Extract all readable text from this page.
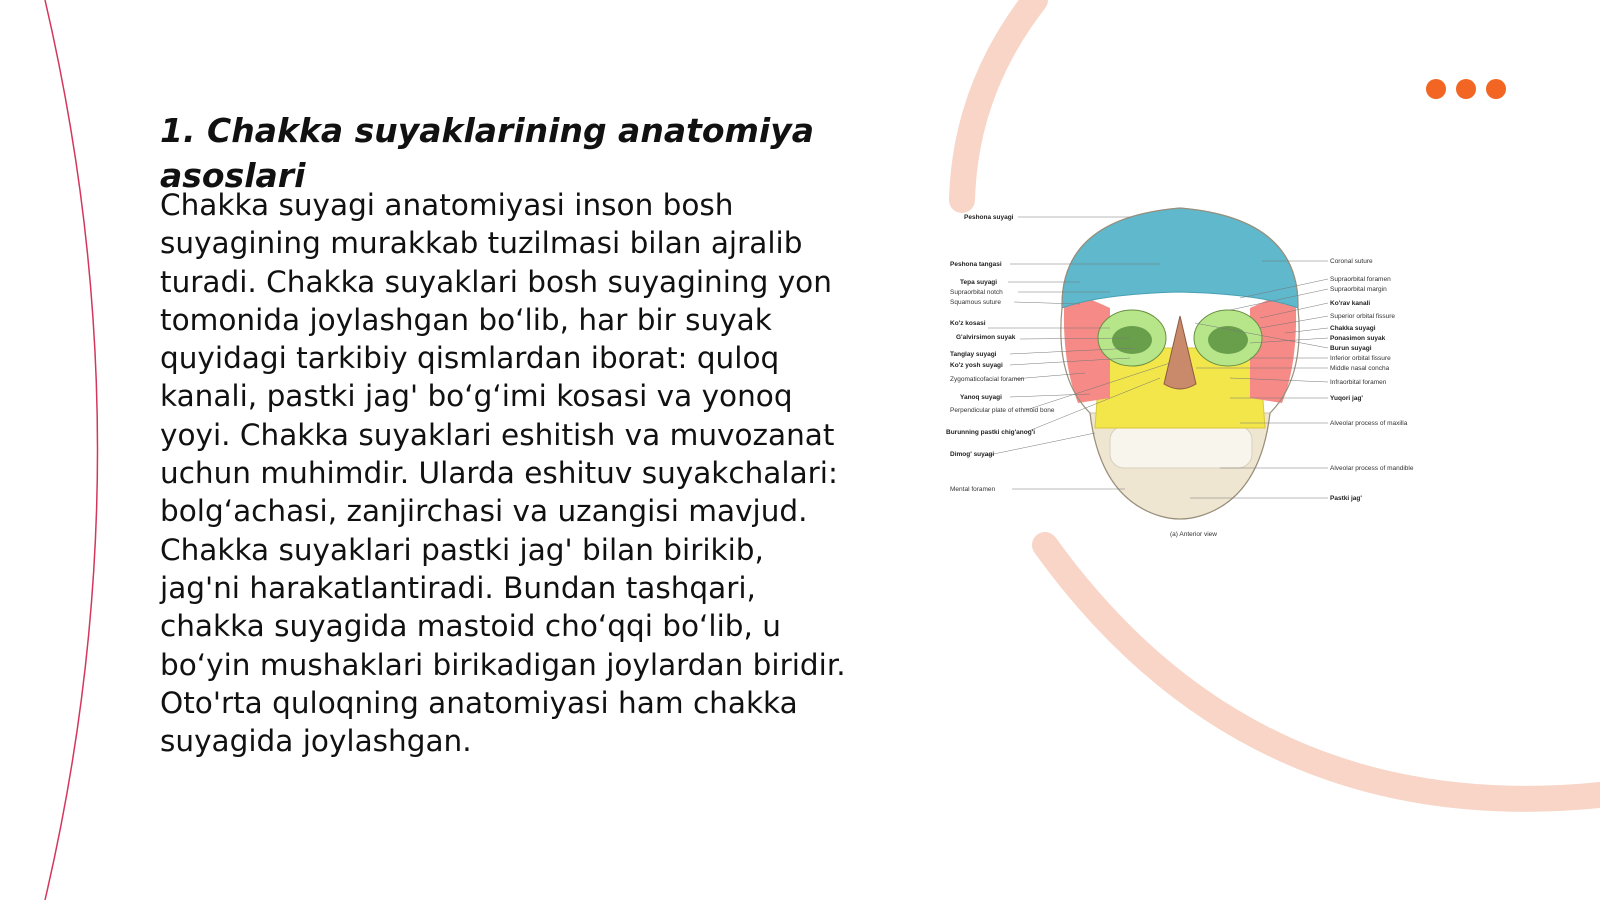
1. Chakka suyaklarining anatomiya asoslari

Chakka suyagi anatomiyasi inson bosh suyagining murakkab tuzilmasi bilan ajralib turadi. Chakka suyaklari bosh suyagining yon tomonida joylashgan bo‘lib, har bir suyak quyidagi tarkibiy qismlardan iborat: quloq kanali, pastki jag' bo‘g‘imi kosasi va yonoq yoyi. Chakka suyaklari eshitish va muvozanat uchun muhimdir. Ularda eshituv suyakchalari: bolg‘achasi, zanjirchasi va uzangisi mavjud. Chakka suyaklari pastki jag' bilan birikib, jag'ni harakatlantiradi. Bundan tashqari, chakka suyagida mastoid cho‘qqi bo‘lib, u bo‘yin mushaklari birikadigan joylardan biridir. Oto'rta quloqning anatomiyasi ham chakka suyagida joylashgan.

Peshona suyagi
Peshona tangasi
Tepa suyagi
Supraorbital notch
Squamous suture
Ko'z kosasi
G'alvirsimon suyak
Tanglay suyagi
Ko'z yosh suyagi
Zygomaticofacial foramen
Yanoq suyagi
Perpendicular plate of ethmoid bone
Burunning pastki chig'anog'i
Dimog' suyagi
Mental foramen
Coronal suture
Supraorbital foramen
Supraorbital margin
Ko'rav kanali
Superior orbital fissure
Chakka suyagi
Ponasimon suyak
Burun suyagi
Inferior orbital fissure
Middle nasal concha
Infraorbital foramen
Yuqori jag'
Alveolar process of maxilla
Alveolar process of mandible
Pastki jag'
(a) Anterior view
